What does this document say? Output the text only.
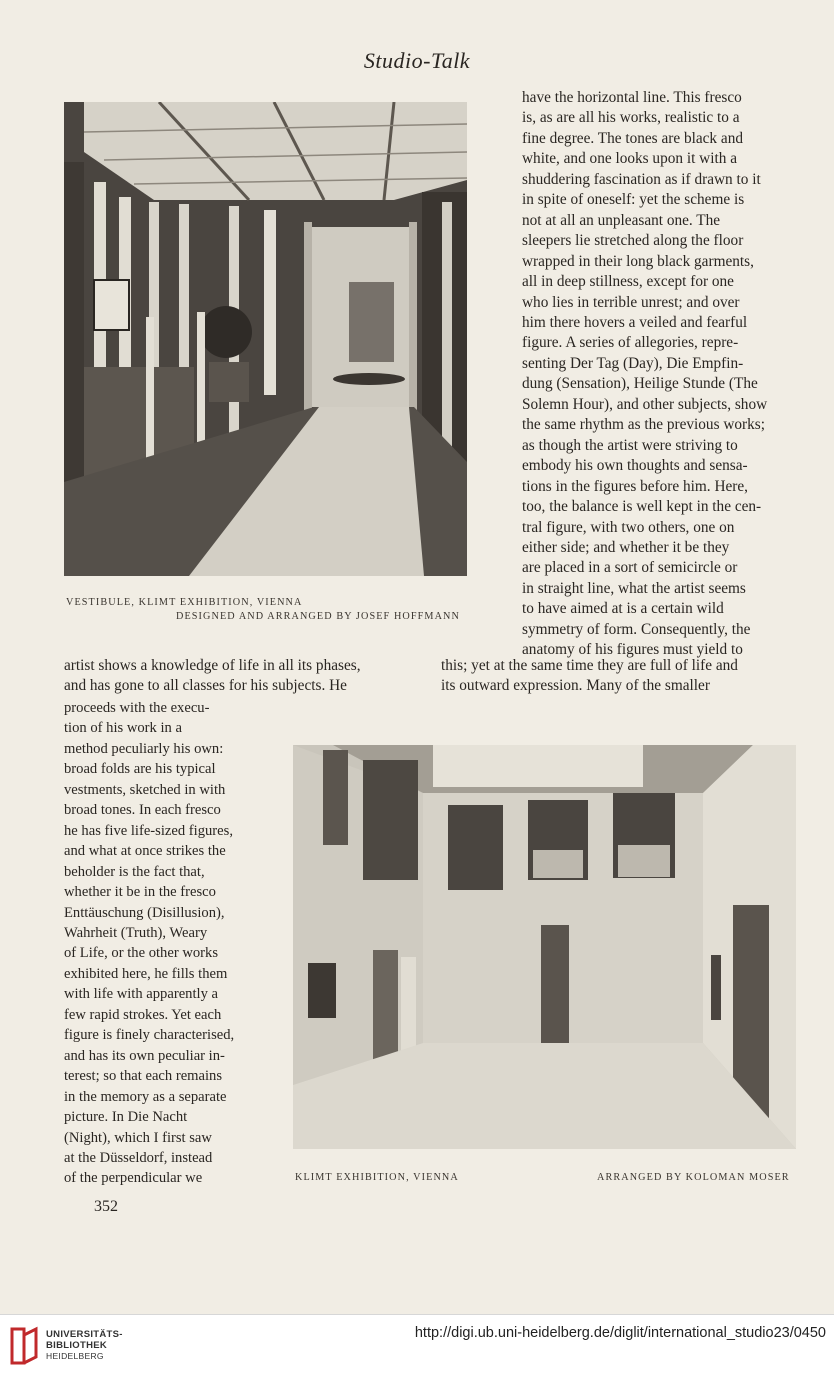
Studio-Talk
VESTIBULE, KLIMT EXHIBITION, VIENNA
DESIGNED AND ARRANGED BY JOSEF HOFFMANN

have the horizontal line. This fresco

is, as are all his works, realistic to a

fine degree. The tones are black and

white, and one looks upon it with a

shuddering fascination as if drawn to it

in spite of oneself: yet the scheme is

not at all an unpleasant one. The

sleepers lie stretched along the floor

wrapped in their long black garments,

all in deep stillness, except for one

who lies in terrible unrest; and over

him there hovers a veiled and fearful

figure. A series of allegories, repre-

senting Der Tag (Day), Die Empfin-

dung (Sensation), Heilige Stunde (The

Solemn Hour), and other subjects, show

the same rhythm as the previous works;

as though the artist were striving to

embody his own thoughts and sensa-

tions in the figures before him. Here,

too, the balance is well kept in the cen-

tral figure, with two others, one on

either side; and whether it be they

are placed in a sort of semicircle or

in straight line, what the artist seems

to have aimed at is a certain wild

symmetry of form. Consequently, the

anatomy of his figures must yield to

artist shows a knowledge of life in all its phases,

and has gone to all classes for his subjects. He

this; yet at the same time they are full of life and

its outward expression. Many of the smaller

proceeds with the execu-

tion of his work in a

method peculiarly his own:

broad folds are his typical

vestments, sketched in with

broad tones. In each fresco

he has five life-sized figures,

and what at once strikes the

beholder is the fact that,

whether it be in the fresco

Enttäuschung (Disillusion),

Wahrheit (Truth), Weary

of Life, or the other works

exhibited here, he fills them

with life with apparently a

few rapid strokes. Yet each

figure is finely characterised,

and has its own peculiar in-

terest; so that each remains

in the memory as a separate

picture. In Die Nacht

(Night), which I first saw

at the Düsseldorf, instead

of the perpendicular we	KLIMT EXHIBITION, VIENNA	ARRANGED BY KOLOMAN MOSER
352
UNIVERSITÄTS-
BIBLIOTHEK
HEIDELBERG
http://digi.ub.uni-heidelberg.de/diglit/international_studio23/0450
